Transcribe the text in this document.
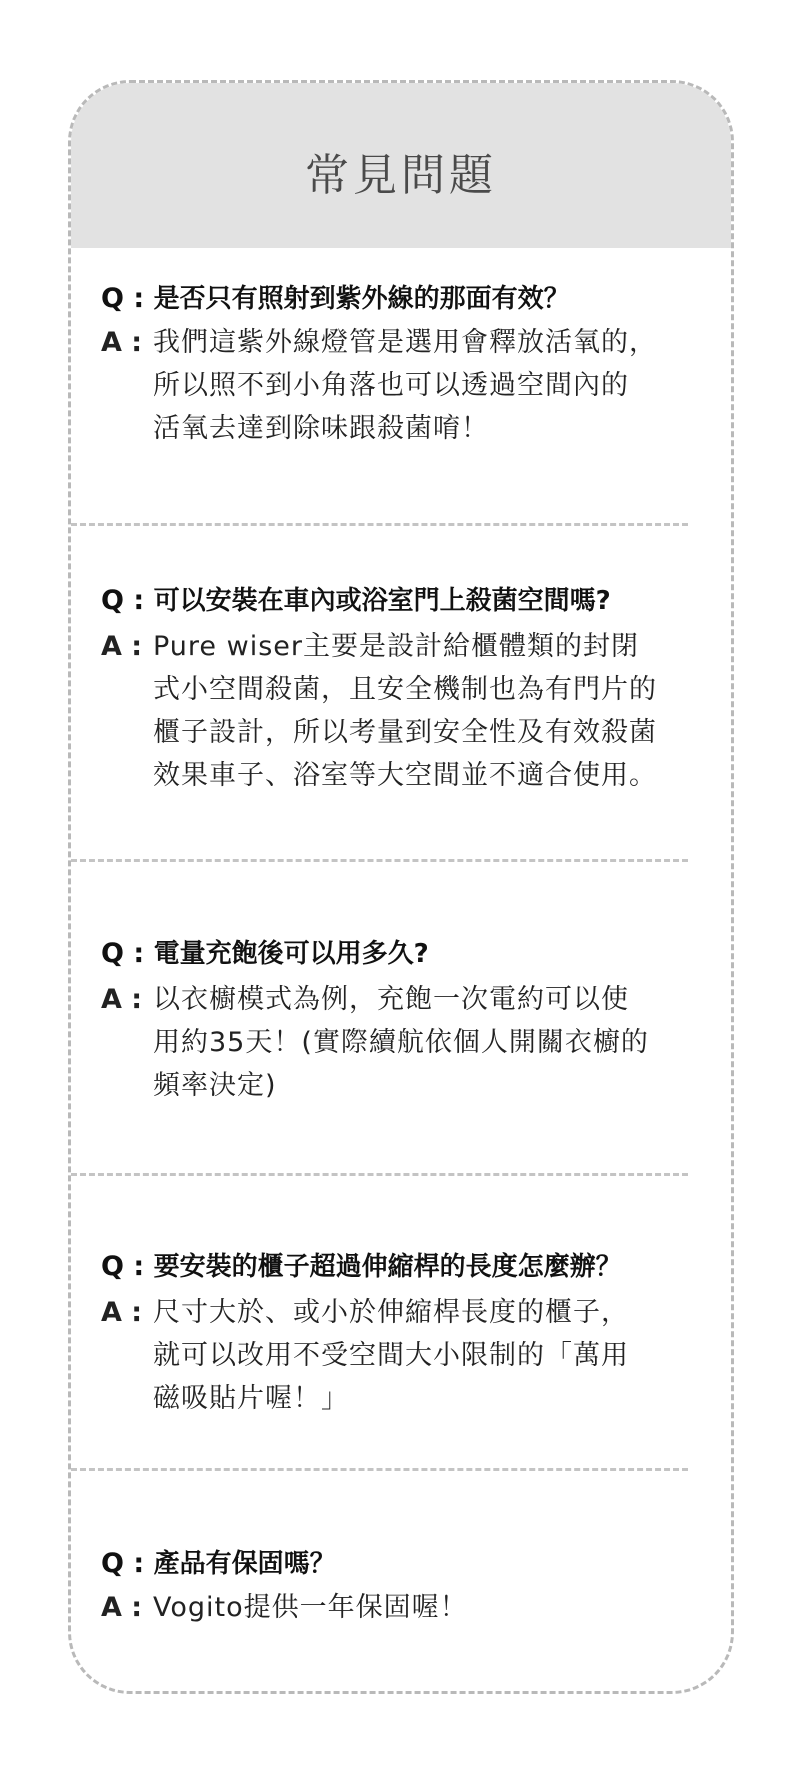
常見問題
Q : 是否只有照射到紫外線的那面有效？
A : 我們這紫外線燈管是選用會釋放活氧的，
所以照不到小角落也可以透過空間內的
活氧去達到除味跟殺菌唷！
Q : 可以安裝在車內或浴室門上殺菌空間嗎?
A : Pure wiser主要是設計給櫃體類的封閉
式小空間殺菌，且安全機制也為有門片的
櫃子設計，所以考量到安全性及有效殺菌
效果車子、浴室等大空間並不適合使用。
Q : 電量充飽後可以用多久?
A : 以衣櫥模式為例，充飽一次電約可以使
用約35天！(實際續航依個人開關衣櫥的
頻率決定)
Q : 要安裝的櫃子超過伸縮桿的長度怎麼辦？
A : 尺寸大於、或小於伸縮桿長度的櫃子，
就可以改用不受空間大小限制的「萬用
磁吸貼片喔！」
Q : 產品有保固嗎？
A : Vogito提供一年保固喔！
